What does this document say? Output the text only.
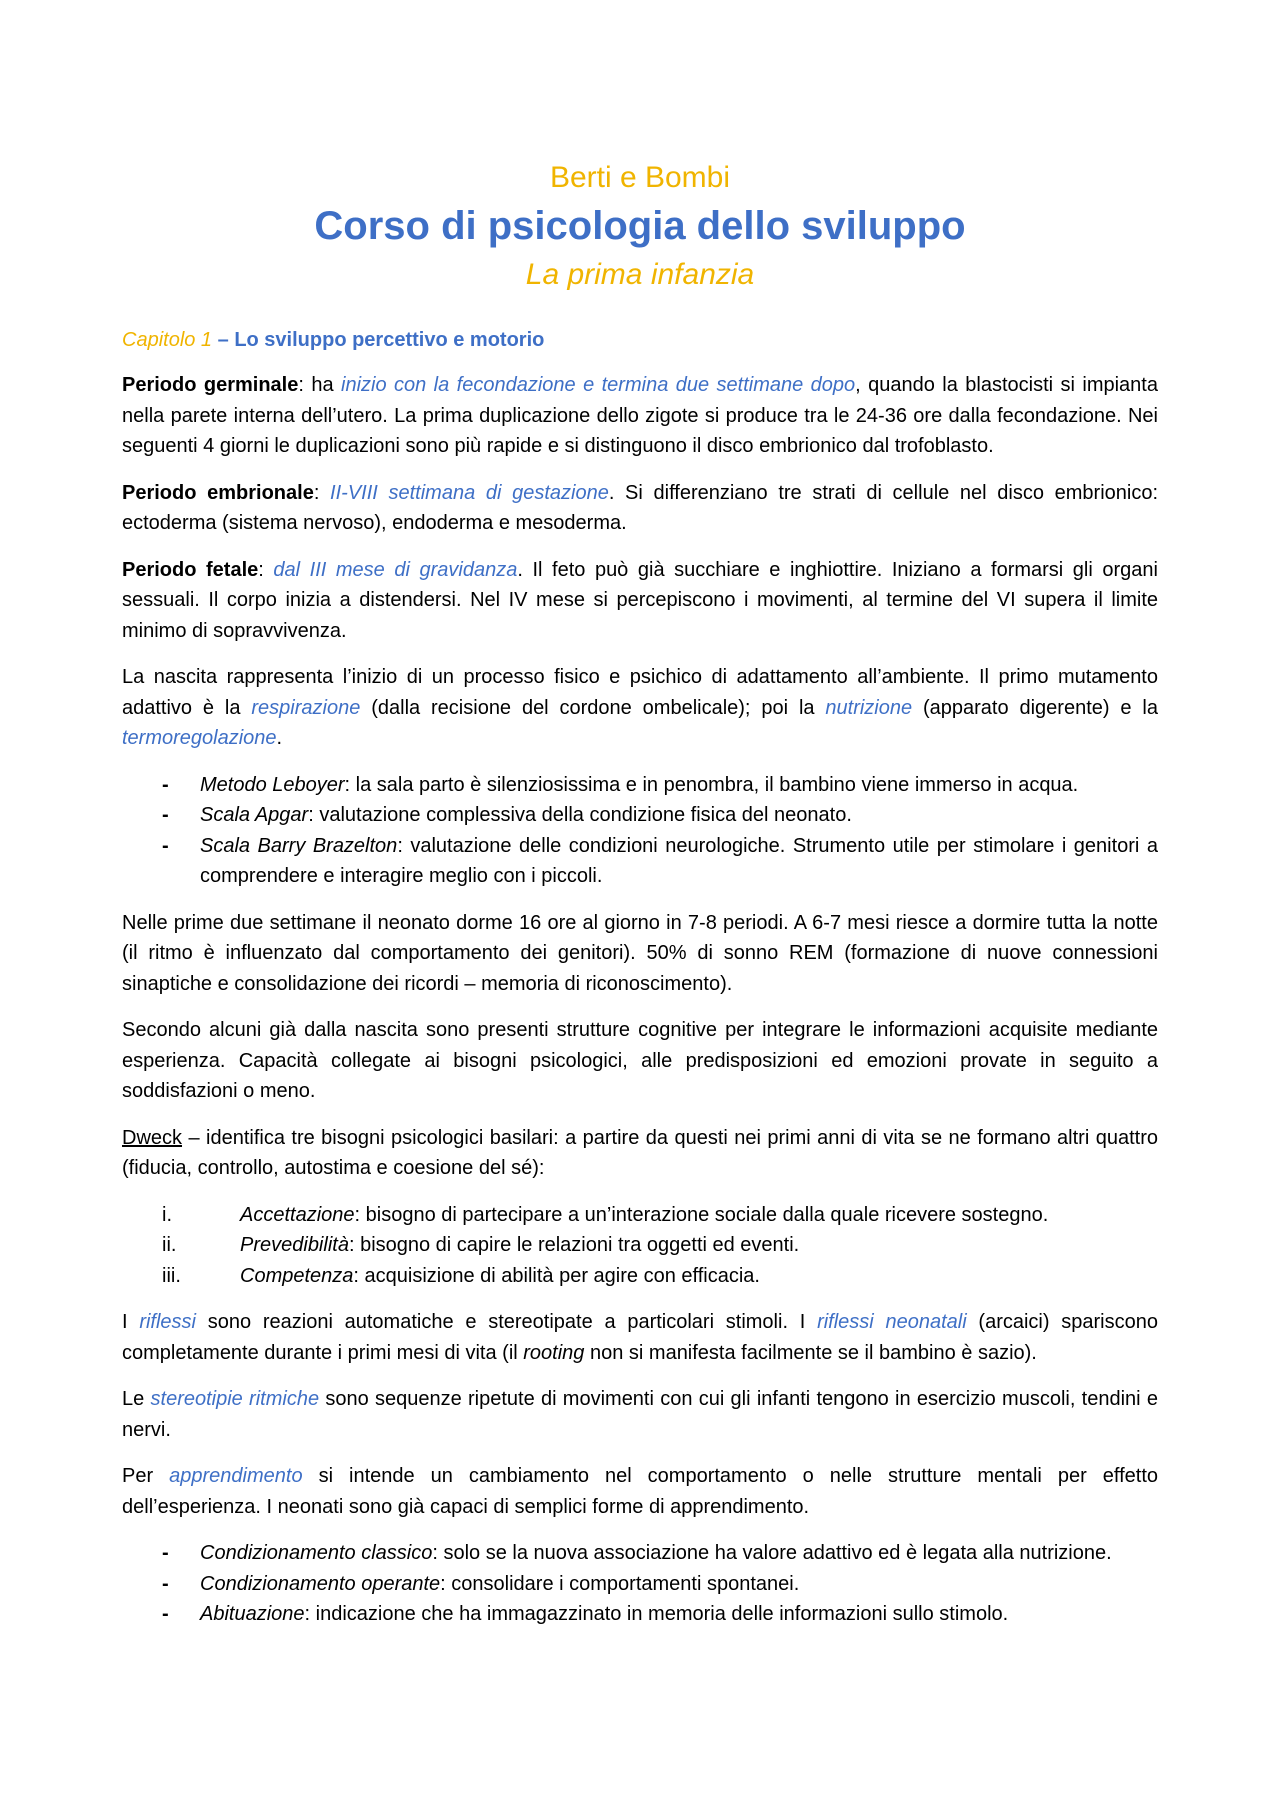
Berti e Bombi
Corso di psicologia dello sviluppo
La prima infanzia
Capitolo 1 – Lo sviluppo percettivo e motorio

Periodo germinale: ha inizio con la fecondazione e termina due settimane dopo, quando la blastocisti si impianta nella parete interna dell’utero. La prima duplicazione dello zigote si produce tra le 24-36 ore dalla fecondazione. Nei seguenti 4 giorni le duplicazioni sono più rapide e si distinguono il disco embrionico dal trofoblasto.

Periodo embrionale: II-VIII settimana di gestazione. Si differenziano tre strati di cellule nel disco embrionico: ectoderma (sistema nervoso), endoderma e mesoderma.

Periodo fetale: dal III mese di gravidanza. Il feto può già succhiare e inghiottire. Iniziano a formarsi gli organi sessuali. Il corpo inizia a distendersi. Nel IV mese si percepiscono i movimenti, al termine del VI supera il limite minimo di sopravvivenza.

La nascita rappresenta l’inizio di un processo fisico e psichico di adattamento all’ambiente. Il primo mutamento adattivo è la respirazione (dalla recisione del cordone ombelicale); poi la nutrizione (apparato digerente) e la termoregolazione.

- Metodo Leboyer: la sala parto è silenziosissima e in penombra, il bambino viene immerso in acqua.
- Scala Apgar: valutazione complessiva della condizione fisica del neonato.
- Scala Barry Brazelton: valutazione delle condizioni neurologiche. Strumento utile per stimolare i genitori a comprendere e interagire meglio con i piccoli.

Nelle prime due settimane il neonato dorme 16 ore al giorno in 7-8 periodi. A 6-7 mesi riesce a dormire tutta la notte (il ritmo è influenzato dal comportamento dei genitori). 50% di sonno REM (formazione di nuove connessioni sinaptiche e consolidazione dei ricordi – memoria di riconoscimento).

Secondo alcuni già dalla nascita sono presenti strutture cognitive per integrare le informazioni acquisite mediante esperienza. Capacità collegate ai bisogni psicologici, alle predisposizioni ed emozioni provate in seguito a soddisfazioni o meno.

Dweck – identifica tre bisogni psicologici basilari: a partire da questi nei primi anni di vita se ne formano altri quattro (fiducia, controllo, autostima e coesione del sé):

i.	Accettazione: bisogno di partecipare a un’interazione sociale dalla quale ricevere sostegno.
ii.	Prevedibilità: bisogno di capire le relazioni tra oggetti ed eventi.
iii.	Competenza: acquisizione di abilità per agire con efficacia.

I riflessi sono reazioni automatiche e stereotipate a particolari stimoli. I riflessi neonatali (arcaici) spariscono completamente durante i primi mesi di vita (il rooting non si manifesta facilmente se il bambino è sazio).

Le stereotipie ritmiche sono sequenze ripetute di movimenti con cui gli infanti tengono in esercizio muscoli, tendini e nervi.

Per apprendimento si intende un cambiamento nel comportamento o nelle strutture mentali per effetto dell’esperienza. I neonati sono già capaci di semplici forme di apprendimento.

- Condizionamento classico: solo se la nuova associazione ha valore adattivo ed è legata alla nutrizione.
- Condizionamento operante: consolidare i comportamenti spontanei.
- Abituazione: indicazione che ha immagazzinato in memoria delle informazioni sullo stimolo.
